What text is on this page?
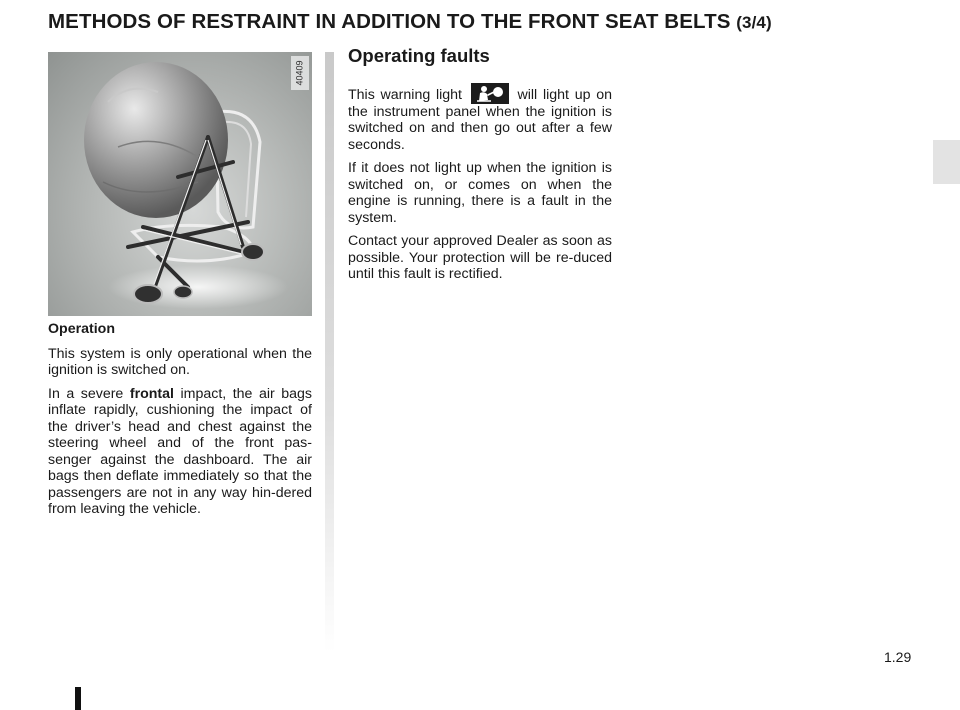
METHODS OF RESTRAINT IN ADDITION TO THE FRONT SEAT BELTS (3/4)
40409
Operation

This system is only operational when the ignition is switched on.

In a severe frontal impact, the air bags inflate rapidly, cushioning the impact of the driver’s head and chest against the steering wheel and of the front pas-senger against the dashboard. The air bags then deflate immediately so that the passengers are not in any way hin-dered from leaving the vehicle.

Operating faults

This warning light	will light up on the instrument panel when the ignition is switched on and then go out after a few seconds.

If it does not light up when the ignition is switched on, or comes on when the engine is running, there is a fault in the system.

Contact your approved Dealer as soon as possible. Your protection will be re-duced until this fault is rectified.

1.29
